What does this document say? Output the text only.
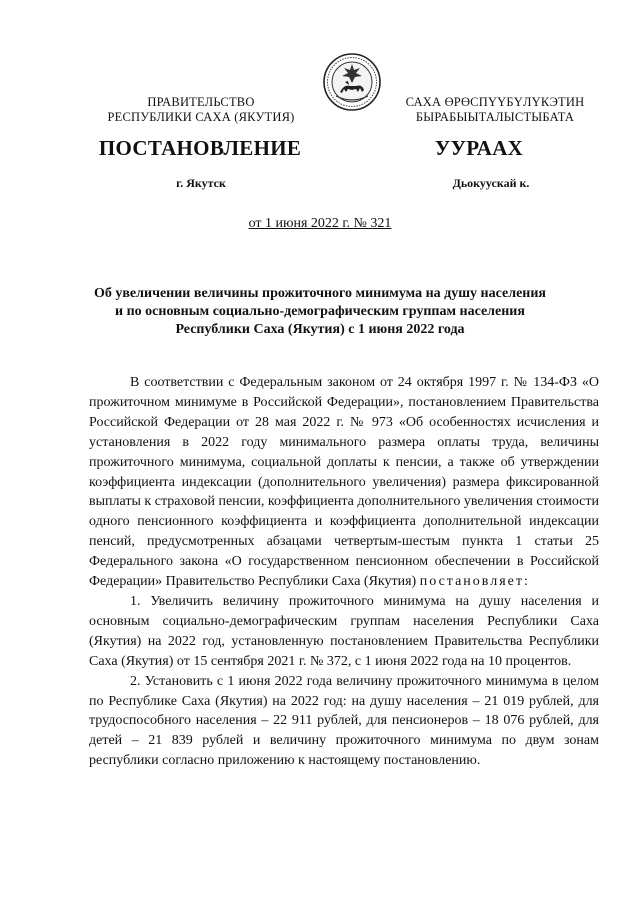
ПРАВИТЕЛЬСТВО
РЕСПУБЛИКИ САХА (ЯКУТИЯ)
САХА ӨРӨСПҮҮБҮЛҮКЭТИН
БЫРАБЫЫТАЛЫСТЫБАТА
ПОСТАНОВЛЕНИЕ	УУРААХ
г. Якутск	Дьокуускай к.
от 1 июня 2022 г. № 321
Об увеличении величины прожиточного минимума на душу населения
и по основным социально-демографическим группам населения
Республики Саха (Якутия) с 1 июня 2022 года

В соответствии с Федеральным законом от 24 октября 1997 г. № 134-ФЗ «О прожиточном минимуме в Российской Федерации», постановлением Правительства Российской Федерации от 28 мая 2022 г. № 973 «Об особенностях исчисления и установления в 2022 году минимального размера оплаты труда, величины прожиточного минимума, социальной доплаты к пенсии, а также об утверждении коэффициента индексации (дополнительного увеличения) размера фиксированной выплаты к страховой пенсии, коэффициента дополнительного увеличения стоимости одного пенсионного коэффициента и коэффициента дополнительной индексации пенсий, предусмотренных абзацами четвертым-шестым пункта 1 статьи 25 Федерального закона «О государственном пенсионном обеспечении в Российской Федерации» Правительство Республики Саха (Якутия) постановляет:

1. Увеличить величину прожиточного минимума на душу населения и основным социально-демографическим группам населения Республики Саха (Якутия) на 2022 год, установленную постановлением Правительства Республики Саха (Якутия) от 15 сентября 2021 г. № 372, с 1 июня 2022 года на 10 процентов.

2. Установить с 1 июня 2022 года величину прожиточного минимума в целом по Республике Саха (Якутия) на 2022 год: на душу населения – 21 019 рублей, для трудоспособного населения – 22 911 рублей, для пенсионеров – 18 076 рублей, для детей – 21 839 рублей и величину прожиточного минимума по двум зонам республики согласно приложению к настоящему постановлению.
